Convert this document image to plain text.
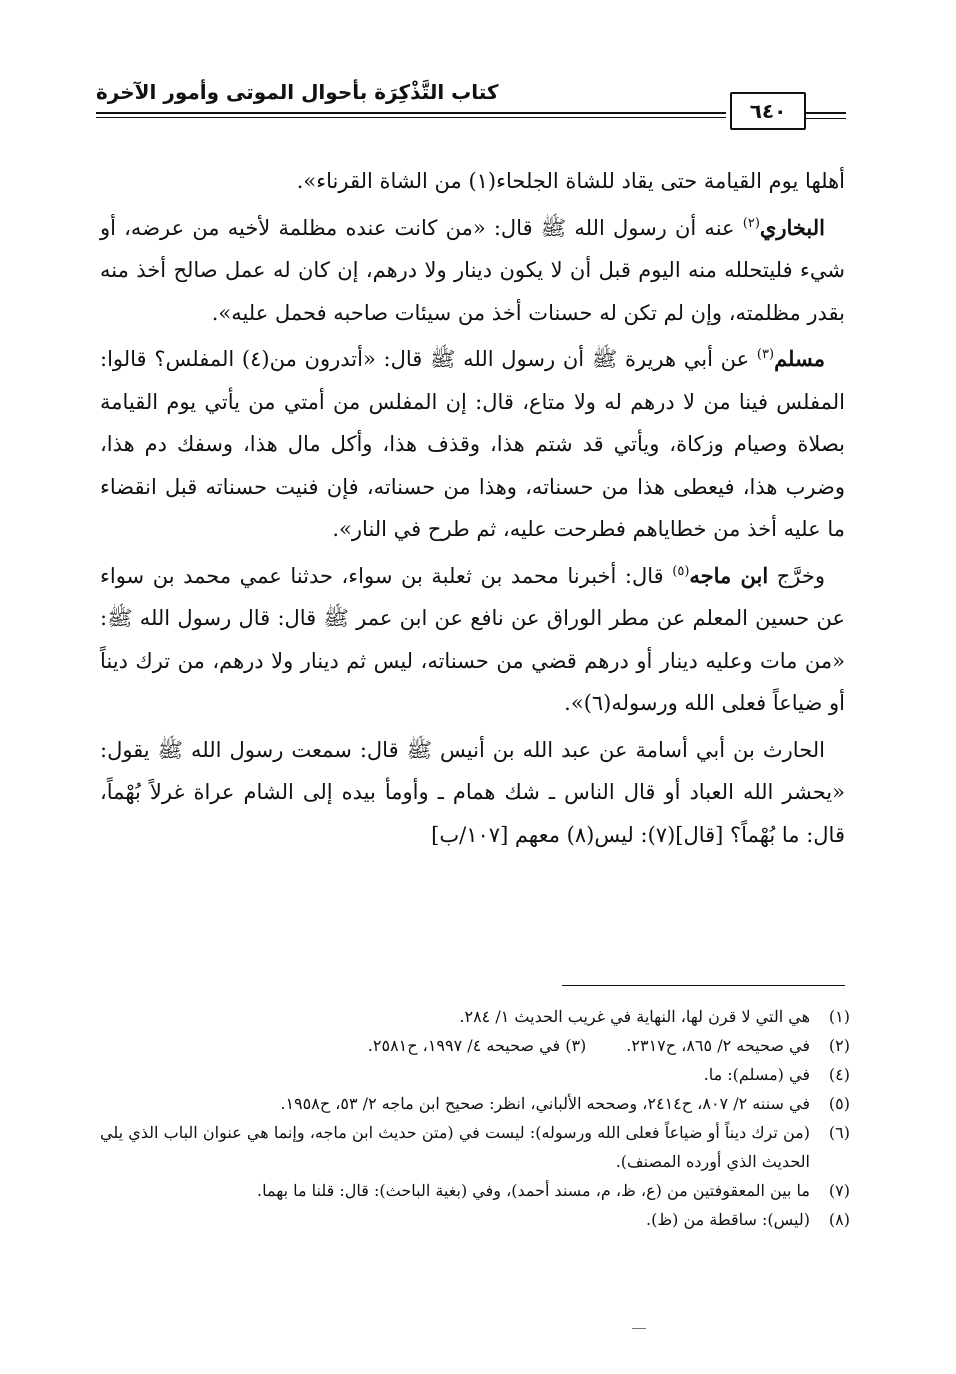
كتاب التَّذْكِرَة بأحوال الموتى وأمور الآخرة
٦٤٠

أهلها يوم القيامة حتى يقاد للشاة الجلحاء(١) من الشاة القرناء».

البخاري$^{(٢)}$ عنه أن رسول الله ﷺ قال: «من كانت عنده مظلمة لأخيه من عرضه، أو شيء فليتحلله منه اليوم قبل أن لا يكون دينار ولا درهم، إن كان له عمل صالح أخذ منه بقدر مظلمته، وإن لم تكن له حسنات أخذ من سيئات صاحبه فحمل عليه».

مسلم$^{(٣)}$ عن أبي هريرة ﷺ أن رسول الله ﷺ قال: «أتدرون من(٤) المفلس؟ قالوا: المفلس فينا من لا درهم له ولا متاع، قال: إن المفلس من أمتي من يأتي يوم القيامة بصلاة وصيام وزكاة، ويأتي قد شتم هذا، وقذف هذا، وأكل مال هذا، وسفك دم هذا، وضرب هذا، فيعطى هذا من حسناته، وهذا من حسناته، فإن فنيت حسناته قبل انقضاء ما عليه أخذ من خطاياهم فطرحت عليه، ثم طرح في النار».

وخرَّج ابن ماجه$^{(٥)}$ قال: أخبرنا محمد بن ثعلبة بن سواء، حدثنا عمي محمد بن سواء عن حسين المعلم عن مطر الوراق عن نافع عن ابن عمر ﷺ قال: قال رسول الله ﷺ: «من مات وعليه دينار أو درهم قضي من حسناته، ليس ثم دينار ولا درهم، من ترك ديناً أو ضياعاً فعلى الله ورسوله(٦)».

الحارث بن أبي أسامة عن عبد الله بن أنيس ﷺ قال: سمعت رسول الله ﷺ يقول: «يحشر الله العباد أو قال الناس ـ شك همام ـ وأومأ بيده إلى الشام عراة غرلاً بُهْماً، قال: ما بُهْماً؟ [قال](٧): ليس(٨) معهم [١٠٧/ب]

(١)
هي التي لا قرن لها، النهاية في غريب الحديث ١/ ٢٨٤.
(٢)
في صحيحه ٢/ ٨٦٥، ح٢٣١٧.(٣) في صحيحه ٤/ ١٩٩٧، ح٢٥٨١.
(٤)
في (مسلم): ما.
(٥)
في سننه ٢/ ٨٠٧، ح٢٤١٤، وصححه الألباني، انظر: صحيح ابن ماجه ٢/ ٥٣، ح١٩٥٨.
(٦)
(من ترك ديناً أو ضياعاً فعلى الله ورسوله): ليست في (متن حديث ابن ماجه، وإنما هي عنوان الباب الذي يلي الحديث الذي أورده المصنف).
(٧)
ما بين المعقوفتين من (ع، ظ، م، مسند أحمد)، وفي (بغية الباحث): قال: قلنا ما بهما.
(٨)
(ليس): ساقطة من (ظ).
